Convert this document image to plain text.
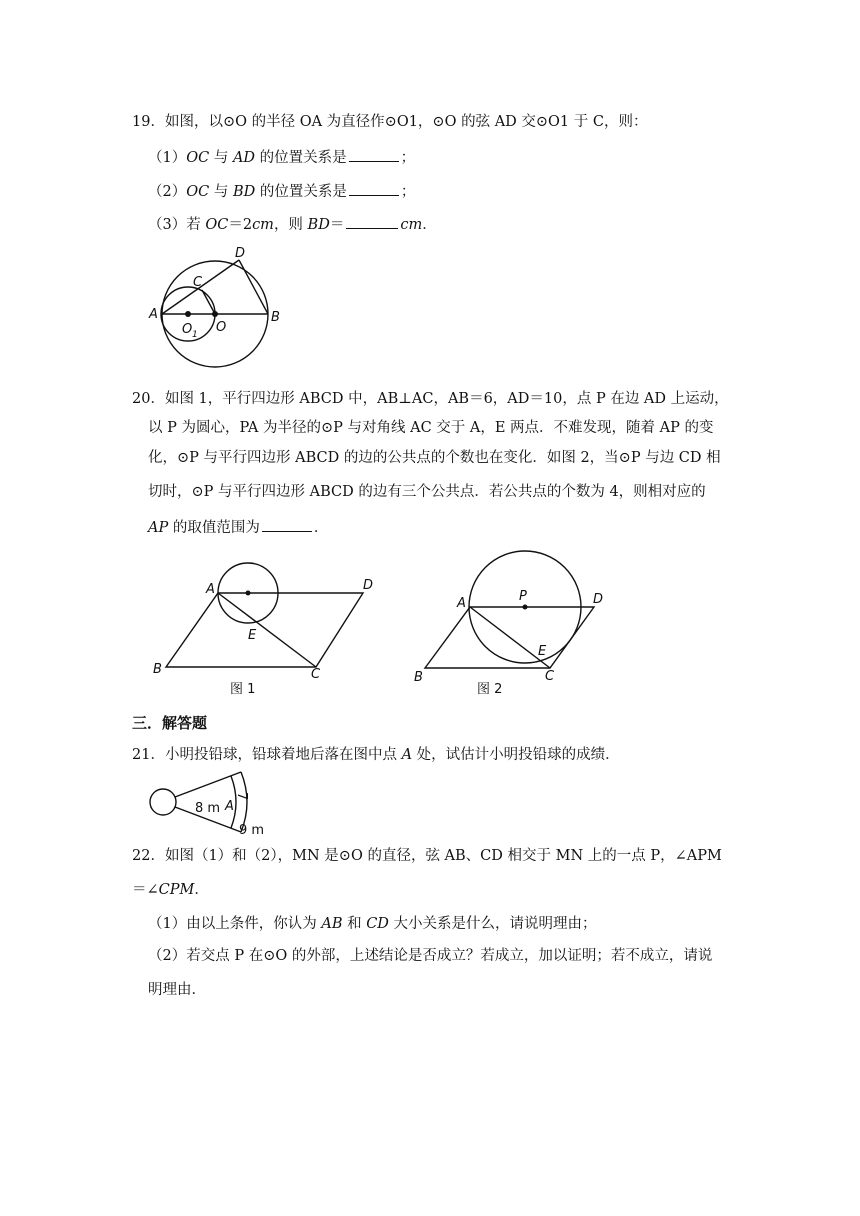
19．如图，以⊙O 的半径 OA 为直径作⊙O1，⊙O 的弦 AD 交⊙O1 于 C，则：
（1）OC 与 AD 的位置关系是	；
（2）OC 与 BD 的位置关系是	；
（3）若 OC＝2cm，则 BD＝	cm．
A	B
C
D
O
O 1
20．如图 1，平行四边形 ABCD 中，AB⊥AC，AB＝6，AD＝10，点 P 在边 AD 上运动，
以 P 为圆心，PA 为半径的⊙P 与对角线 AC 交于 A，E 两点．不难发现，随着 AP 的变
化，⊙P 与平行四边形 ABCD 的边的公共点的个数也在变化．如图 2，当⊙P 与边 CD 相
切时，⊙P 与平行四边形 ABCD 的边有三个公共点．若公共点的个数为 4，则相对应的
AP 的取值范围为	．
A	D
B	C
E
图 1
A	D
P
B	C
E
图 2
三．解答题
21．小明投铅球，铅球着地后落在图中点 A 处，试估计小明投铅球的成绩．
8 m A
7
9 m
22．如图（1）和（2），MN 是⊙O 的直径，弦 AB、CD 相交于 MN 上的一点 P，∠APM
＝∠CPM．
（1）由以上条件，你认为 AB 和 CD 大小关系是什么，请说明理由；
（2）若交点 P 在⊙O 的外部，上述结论是否成立？若成立，加以证明；若不成立，请说
明理由．
